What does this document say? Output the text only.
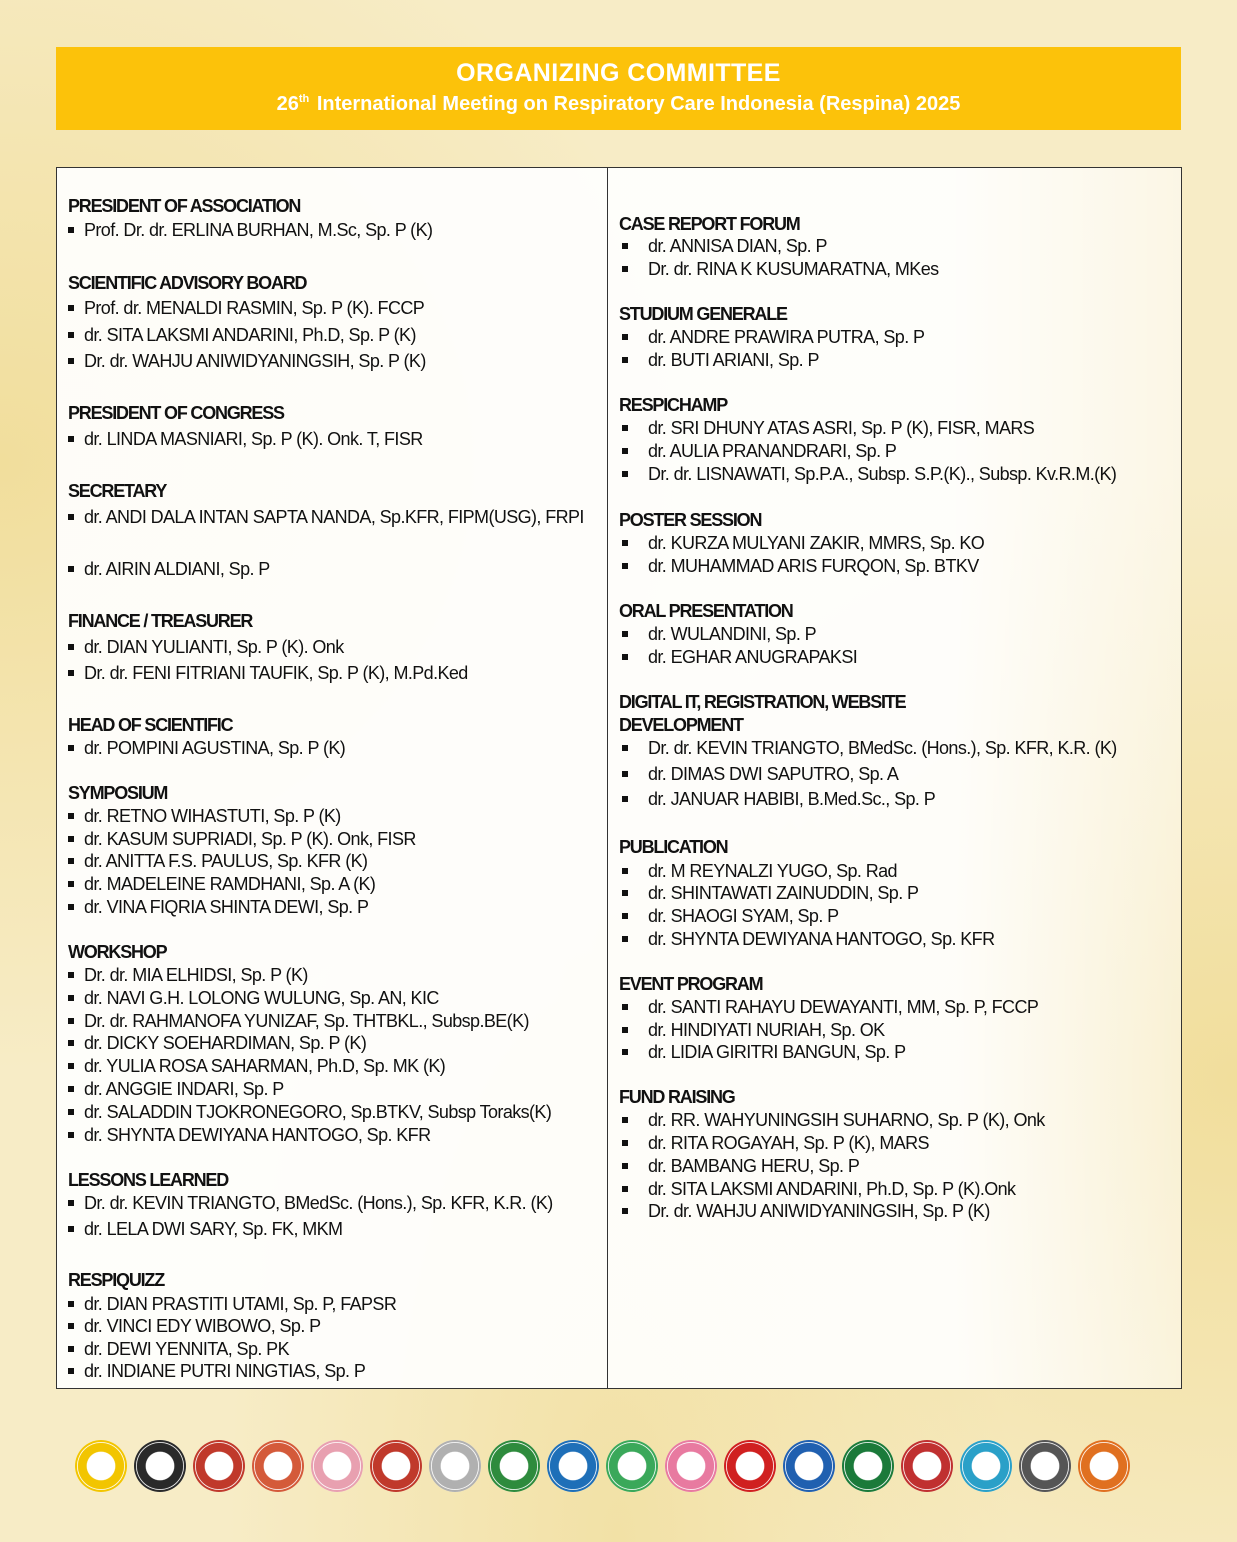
ORGANIZING COMMITTEE
26th International Meeting on Respiratory Care Indonesia (Respina) 2025
PRESIDENT OF ASSOCIATION
Prof. Dr. dr. ERLINA BURHAN, M.Sc, Sp. P (K)
SCIENTIFIC ADVISORY BOARD
Prof. dr. MENALDI RASMIN, Sp. P (K). FCCP
dr. SITA LAKSMI ANDARINI, Ph.D, Sp. P (K)
Dr. dr. WAHJU ANIWIDYANINGSIH, Sp. P (K)
PRESIDENT OF CONGRESS
dr. LINDA MASNIARI, Sp. P (K). Onk. T, FISR
SECRETARY
dr. ANDI DALA INTAN SAPTA NANDA, Sp.KFR, FIPM(USG), FRPI
dr. AIRIN ALDIANI, Sp. P
FINANCE / TREASURER
dr. DIAN YULIANTI, Sp. P (K). Onk
Dr. dr. FENI FITRIANI TAUFIK, Sp. P (K), M.Pd.Ked
HEAD OF SCIENTIFIC
dr. POMPINI AGUSTINA, Sp. P (K)
SYMPOSIUM
dr. RETNO WIHASTUTI, Sp. P (K)
dr. KASUM SUPRIADI, Sp. P (K). Onk, FISR
dr. ANITTA F.S. PAULUS, Sp. KFR (K)
dr. MADELEINE RAMDHANI, Sp. A (K)
dr. VINA FIQRIA SHINTA DEWI, Sp. P
WORKSHOP
Dr. dr. MIA ELHIDSI, Sp. P (K)
dr. NAVI G.H. LOLONG WULUNG, Sp. AN, KIC
Dr. dr. RAHMANOFA YUNIZAF, Sp. THTBKL., Subsp.BE(K)
dr. DICKY SOEHARDIMAN, Sp. P (K)
dr. YULIA ROSA SAHARMAN, Ph.D, Sp. MK (K)
dr. ANGGIE INDARI, Sp. P
dr. SALADDIN TJOKRONEGORO, Sp.BTKV, Subsp Toraks(K)
dr. SHYNTA DEWIYANA HANTOGO, Sp. KFR
LESSONS LEARNED
Dr. dr. KEVIN TRIANGTO, BMedSc. (Hons.), Sp. KFR, K.R. (K)
dr. LELA DWI SARY, Sp. FK, MKM
RESPIQUIZZ
dr. DIAN PRASTITI UTAMI, Sp. P, FAPSR
dr. VINCI EDY WIBOWO, Sp. P
dr. DEWI YENNITA, Sp. PK
dr. INDIANE PUTRI NINGTIAS, Sp. P
CASE REPORT FORUM
dr. ANNISA DIAN, Sp. P
Dr. dr. RINA K KUSUMARATNA, MKes
STUDIUM GENERALE
dr. ANDRE PRAWIRA PUTRA, Sp. P
dr. BUTI ARIANI, Sp. P
RESPICHAMP
dr. SRI DHUNY ATAS ASRI, Sp. P (K), FISR, MARS
dr. AULIA PRANANDRARI, Sp. P
Dr. dr. LISNAWATI, Sp.P.A., Subsp. S.P.(K)., Subsp. Kv.R.M.(K)
POSTER SESSION
dr. KURZA MULYANI ZAKIR, MMRS, Sp. KO
dr. MUHAMMAD ARIS FURQON, Sp. BTKV
ORAL PRESENTATION
dr. WULANDINI, Sp. P
dr. EGHAR ANUGRAPAKSI
DIGITAL IT, REGISTRATION, WEBSITE
DEVELOPMENT
Dr. dr. KEVIN TRIANGTO, BMedSc. (Hons.), Sp. KFR, K.R. (K)
dr. DIMAS DWI SAPUTRO, Sp. A
dr. JANUAR HABIBI, B.Med.Sc., Sp. P
PUBLICATION
dr. M REYNALZI YUGO, Sp. Rad
dr. SHINTAWATI ZAINUDDIN, Sp. P
dr. SHAOGI SYAM, Sp. P
dr. SHYNTA DEWIYANA HANTOGO, Sp. KFR
EVENT PROGRAM
dr. SANTI RAHAYU DEWAYANTI, MM, Sp. P, FCCP
dr. HINDIYATI NURIAH, Sp. OK
dr. LIDIA GIRITRI BANGUN, Sp. P
FUND RAISING
dr. RR. WAHYUNINGSIH SUHARNO, Sp. P (K), Onk
dr. RITA ROGAYAH, Sp. P (K), MARS
dr. BAMBANG HERU, Sp. P
dr. SITA LAKSMI ANDARINI, Ph.D, Sp. P (K).Onk
Dr. dr. WAHJU ANIWIDYANINGSIH, Sp. P (K)
